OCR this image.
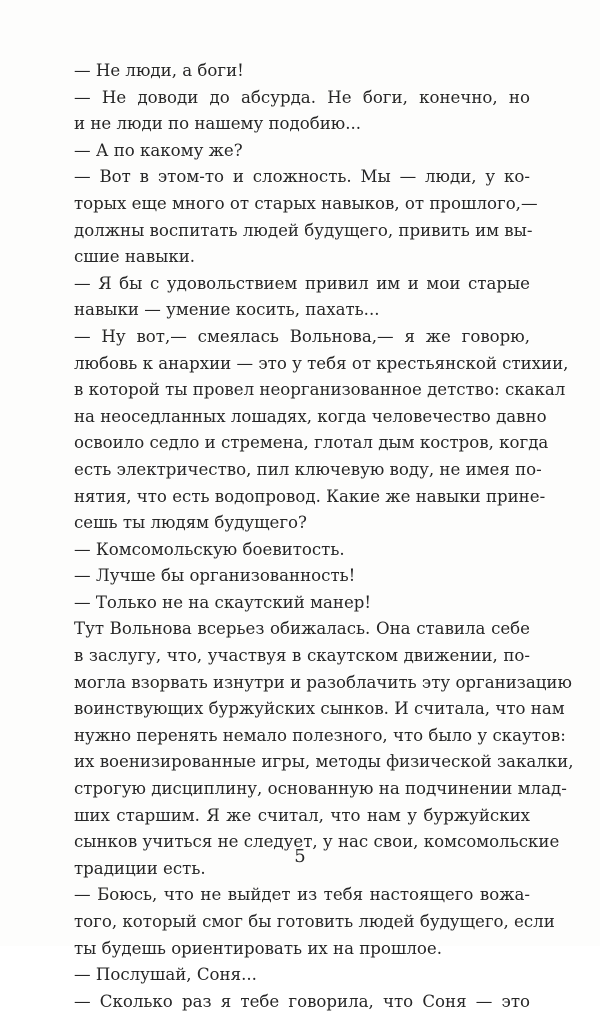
— Не люди, а боги!
— Не доводи до абсурда. Не боги, конечно, но
и не люди по нашему подобию...
— А по какому же?
— Вот в этом-то и сложность. Мы — люди, у ко-
торых еще много от старых навыков, от прошлого,—
должны воспитать людей будущего, привить им вы-
сшие навыки.
— Я бы с удовольствием привил им и мои старые
навыки — умение косить, пахать...
— Ну вот,— смеялась Вольнова,— я же говорю,
любовь к анархии — это у тебя от крестьянской стихии,
в которой ты провел неорганизованное детство: скакал
на неоседланных лошадях, когда человечество давно
освоило седло и стремена, глотал дым костров, когда
есть электричество, пил ключевую воду, не имея по-
нятия, что есть водопровод. Какие же навыки прине-
сешь ты людям будущего?
— Комсомольскую боевитость.
— Лучше бы организованность!
— Только не на скаутский манер!
Тут Вольнова всерьез обижалась. Она ставила себе
в заслугу, что, участвуя в скаутском движении, по-
могла взорвать изнутри и разоблачить эту организацию
воинствующих буржуйских сынков. И считала, что нам
нужно перенять немало полезного, что было у скаутов:
их военизированные игры, методы физической закалки,
строгую дисциплину, основанную на подчинении млад-
ших старшим. Я же считал, что нам у буржуйских
сынков учиться не следует, у нас свои, комсомольские
традиции есть.
— Боюсь, что не выйдет из тебя настоящего вожа-
того, который смог бы готовить людей будущего, если
ты будешь ориентировать их на прошлое.
— Послушай, Соня...
— Сколько раз я тебе говорила, что Соня — это
5
